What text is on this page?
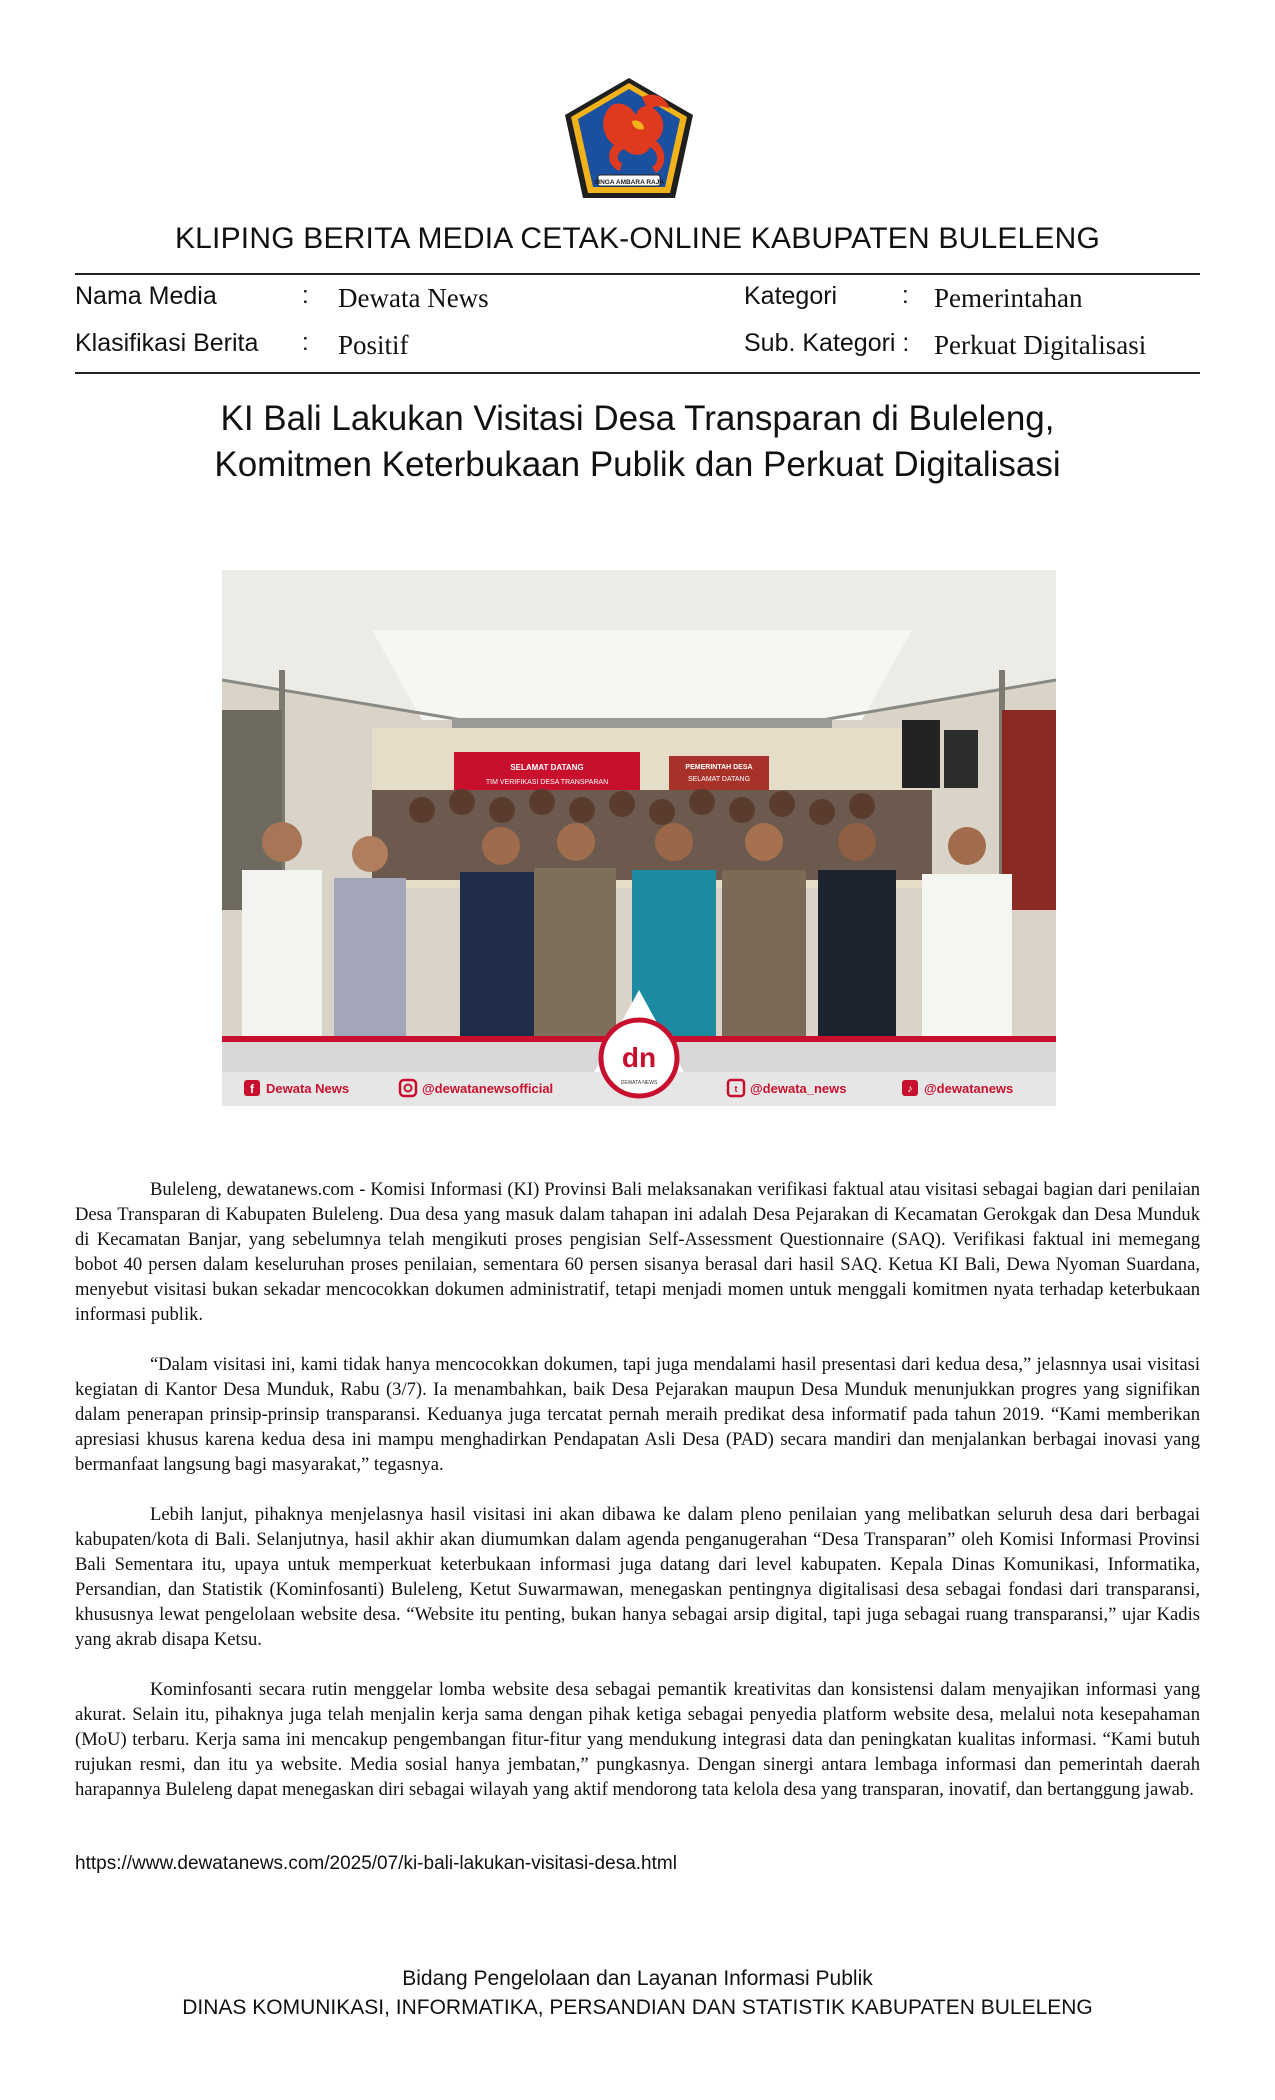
SINGA AMBARA RAJA
KLIPING BERITA MEDIA CETAK-ONLINE KABUPATEN BULELENG
Nama Media	: Dewata News	Kategori	: Pemerintahan
Klasifikasi Berita : Positif	Sub. Kategori : Perkuat Digitalisasi
KI Bali Lakukan Visitasi Desa Transparan di Buleleng,
Komitmen Keterbukaan Publik dan Perkuat Digitalisasi
SELAMAT DATANG
TIM VERIFIKASI DESA TRANSPARAN
PEMERINTAH DESA
SELAMAT DATANG
dn
DEWATA NEWS
f Dewata News	@dewatanewsofficial	t @dewata_news	♪ @dewatanews

Buleleng, dewatanews.com - Komisi Informasi (KI) Provinsi Bali melaksanakan verifikasi faktual atau visitasi sebagai bagian dari penilaian Desa Transparan di Kabupaten Buleleng. Dua desa yang masuk dalam tahapan ini adalah Desa Pejarakan di Kecamatan Gerokgak dan Desa Munduk di Kecamatan Banjar, yang sebelumnya telah mengikuti proses pengisian Self-Assessment Questionnaire (SAQ). Verifikasi faktual ini memegang bobot 40 persen dalam keseluruhan proses penilaian, sementara 60 persen sisanya berasal dari hasil SAQ. Ketua KI Bali, Dewa Nyoman Suardana, menyebut visitasi bukan sekadar mencocokkan dokumen administratif, tetapi menjadi momen untuk menggali komitmen nyata terhadap keterbukaan informasi publik.

“Dalam visitasi ini, kami tidak hanya mencocokkan dokumen, tapi juga mendalami hasil presentasi dari kedua desa,” jelasnnya usai visitasi kegiatan di Kantor Desa Munduk, Rabu (3/7). Ia menambahkan, baik Desa Pejarakan maupun Desa Munduk menunjukkan progres yang signifikan dalam penerapan prinsip-prinsip transparansi. Keduanya juga tercatat pernah meraih predikat desa informatif pada tahun 2019. “Kami memberikan apresiasi khusus karena kedua desa ini mampu menghadirkan Pendapatan Asli Desa (PAD) secara mandiri dan menjalankan berbagai inovasi yang bermanfaat langsung bagi masyarakat,” tegasnya.

Lebih lanjut, pihaknya menjelasnya hasil visitasi ini akan dibawa ke dalam pleno penilaian yang melibatkan seluruh desa dari berbagai kabupaten/kota di Bali. Selanjutnya, hasil akhir akan diumumkan dalam agenda penganugerahan “Desa Transparan” oleh Komisi Informasi Provinsi Bali Sementara itu, upaya untuk memperkuat keterbukaan informasi juga datang dari level kabupaten. Kepala Dinas Komunikasi, Informatika, Persandian, dan Statistik (Kominfosanti) Buleleng, Ketut Suwarmawan, menegaskan pentingnya digitalisasi desa sebagai fondasi dari transparansi, khususnya lewat pengelolaan website desa. “Website itu penting, bukan hanya sebagai arsip digital, tapi juga sebagai ruang transparansi,” ujar Kadis yang akrab disapa Ketsu.

Kominfosanti secara rutin menggelar lomba website desa sebagai pemantik kreativitas dan konsistensi dalam menyajikan informasi yang akurat. Selain itu, pihaknya juga telah menjalin kerja sama dengan pihak ketiga sebagai penyedia platform website desa, melalui nota kesepahaman (MoU) terbaru. Kerja sama ini mencakup pengembangan fitur-fitur yang mendukung integrasi data dan peningkatan kualitas informasi. “Kami butuh rujukan resmi, dan itu ya website. Media sosial hanya jembatan,” pungkasnya. Dengan sinergi antara lembaga informasi dan pemerintah daerah harapannya Buleleng dapat menegaskan diri sebagai wilayah yang aktif mendorong tata kelola desa yang transparan, inovatif, dan bertanggung jawab.

https://www.dewatanews.com/2025/07/ki-bali-lakukan-visitasi-desa.html
Bidang Pengelolaan dan Layanan Informasi Publik
DINAS KOMUNIKASI, INFORMATIKA, PERSANDIAN DAN STATISTIK KABUPATEN BULELENG
